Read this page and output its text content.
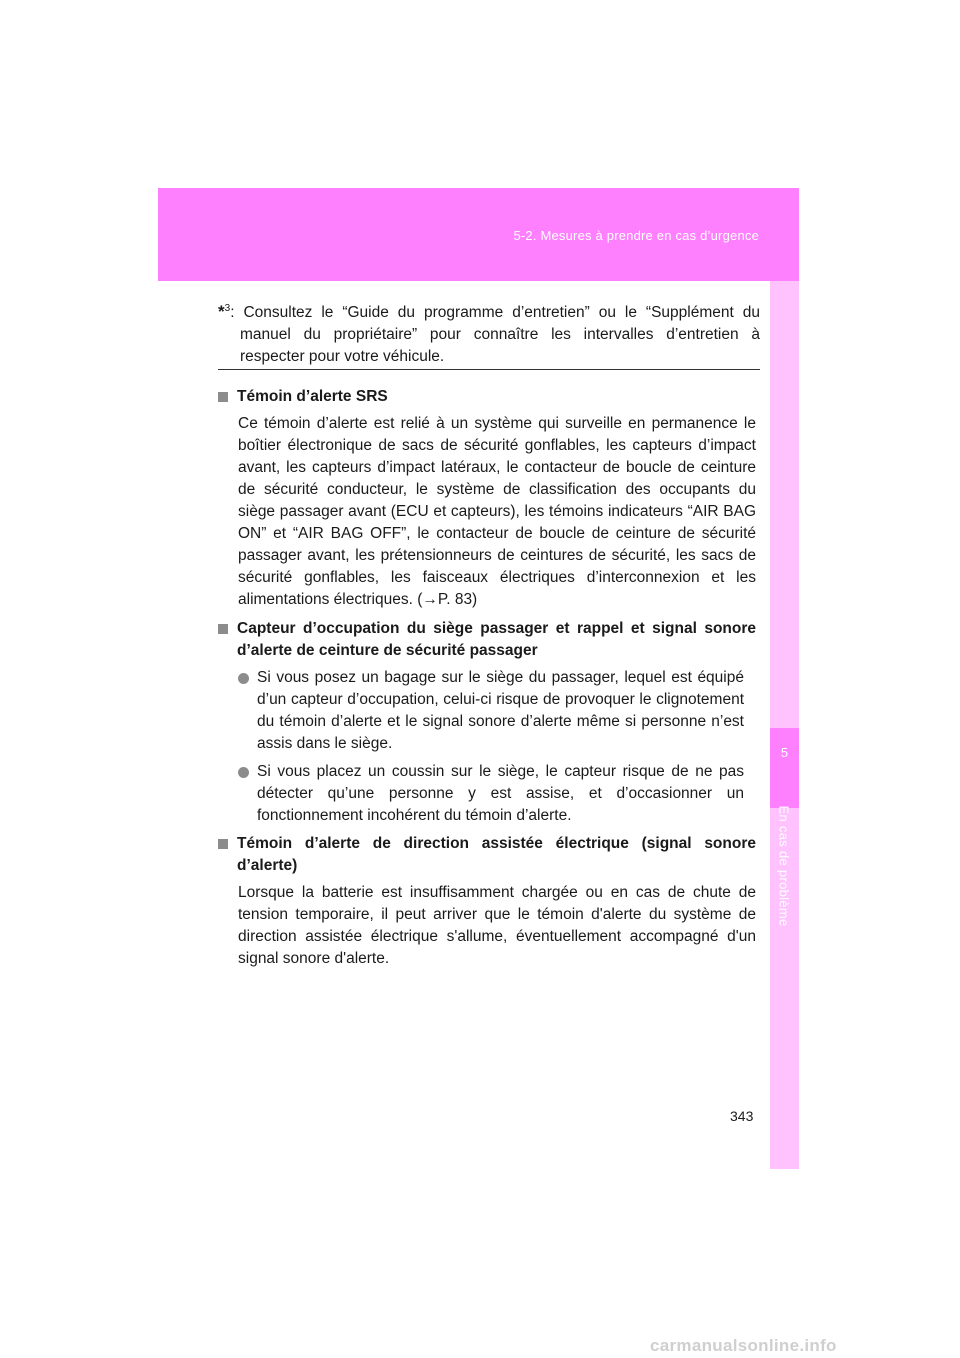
5-2. Mesures à prendre en cas d’urgence
5
En cas de problème
*$^3$: Consultez le “Guide du programme d’entretien” ou le “Supplément du manuel du propriétaire” pour connaître les intervalles d’entretien à respecter pour votre véhicule.
Témoin d’alerte SRS
Ce témoin d’alerte est relié à un système qui surveille en permanence le boîtier électronique de sacs de sécurité gonflables, les capteurs d’impact avant, les capteurs d’impact latéraux, le contacteur de boucle de ceinture de sécurité conducteur, le système de classification des occupants du siège passager avant (ECU et capteurs), les témoins indicateurs “AIR BAG ON” et “AIR BAG OFF”, le contacteur de boucle de ceinture de sécurité passager avant, les prétensionneurs de ceintures de sécurité, les sacs de sécurité gonflables, les faisceaux électriques d’interconnexion et les alimentations électriques. (→P. 83)
Capteur d’occupation du siège passager et rappel et signal sonore d’alerte de ceinture de sécurité passager
Si vous posez un bagage sur le siège du passager, lequel est équipé d’un capteur d’occupation, celui-ci risque de provoquer le clignotement du témoin d’alerte et le signal sonore d’alerte même si personne n’est assis dans le siège.
Si vous placez un coussin sur le siège, le capteur risque de ne pas détecter qu’une personne y est assise, et d’occasionner un fonctionnement incohérent du témoin d’alerte.
Témoin d’alerte de direction assistée électrique (signal sonore d’alerte)
Lorsque la batterie est insuffisamment chargée ou en cas de chute de tension temporaire, il peut arriver que le témoin d'alerte du système de direction assistée électrique s'allume, éventuellement accompagné d'un signal sonore d'alerte.
343
carmanualsonline.info
